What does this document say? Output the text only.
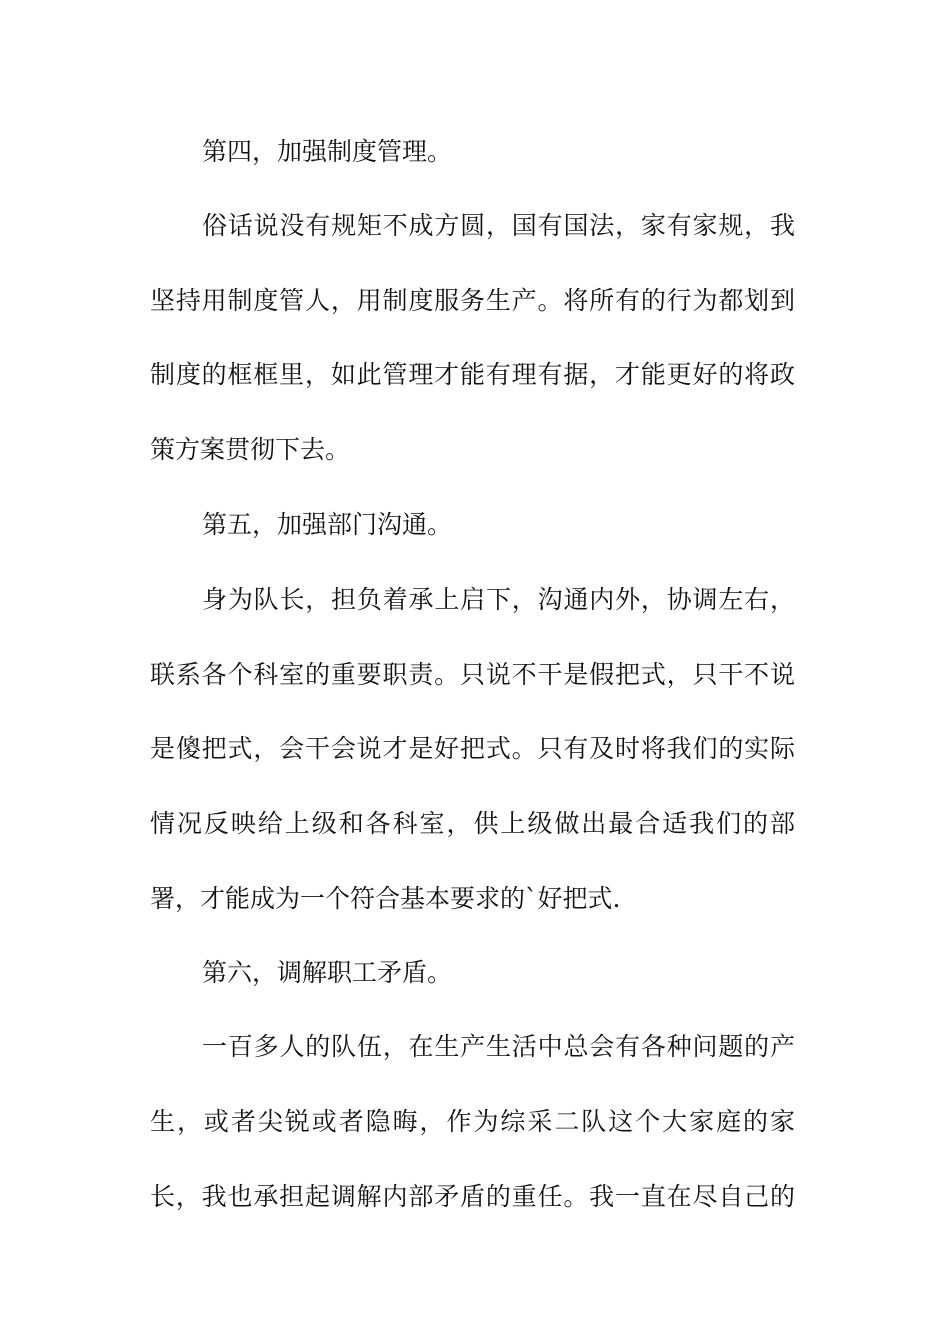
第四，加强制度管理。
俗话说没有规矩不成方圆，国有国法，家有家规，我
坚持用制度管人，用制度服务生产。将所有的行为都划到
制度的框框里，如此管理才能有理有据，才能更好的将政
策方案贯彻下去。
第五，加强部门沟通。
身为队长，担负着承上启下，沟通内外，协调左右，
联系各个科室的重要职责。只说不干是假把式，只干不说
是傻把式，会干会说才是好把式。只有及时将我们的实际
情况反映给上级和各科室，供上级做出最合适我们的部
署，才能成为一个符合基本要求的`好把式.
第六，调解职工矛盾。
一百多人的队伍，在生产生活中总会有各种问题的产
生，或者尖锐或者隐晦，作为综采二队这个大家庭的家
长，我也承担起调解内部矛盾的重任。我一直在尽自己的
